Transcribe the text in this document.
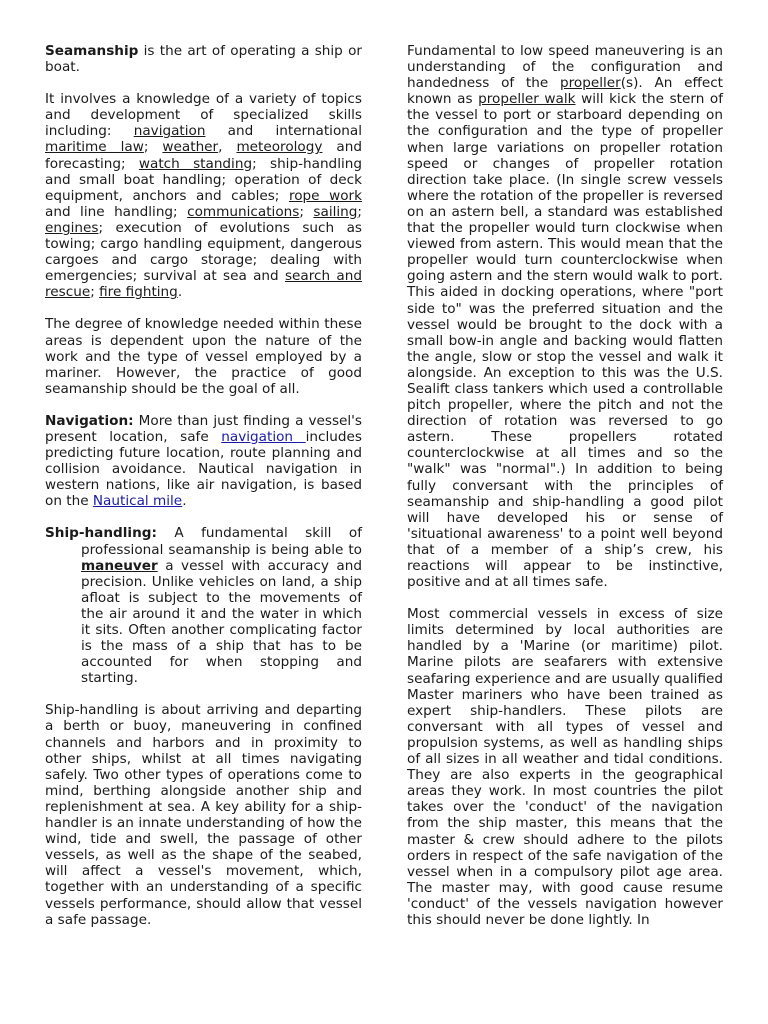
Seamanship is the art of operating a ship or boat.

It involves a knowledge of a variety of topics and development of specialized skills including: navigation and international maritime law; weather, meteorology and forecasting; watch standing; ship-handling and small boat handling; operation of deck equipment, anchors and cables; rope work and line handling; communications; sailing; engines; execution of evolutions such as towing; cargo handling equipment, dangerous cargoes and cargo storage; dealing with emergencies; survival at sea and search and rescue; fire fighting.

The degree of knowledge needed within these areas is dependent upon the nature of the work and the type of vessel employed by a mariner. However, the practice of good seamanship should be the goal of all.

Navigation: More than just finding a vessel's present location, safe navigation includes predicting future location, route planning and collision avoidance. Nautical navigation in western nations, like air navigation, is based on the Nautical mile.

Ship-handling: A fundamental skill of professional seamanship is being able to maneuver a vessel with accuracy and precision. Unlike vehicles on land, a ship afloat is subject to the movements of the air around it and the water in which it sits. Often another complicating factor is the mass of a ship that has to be accounted for when stopping and starting.

Ship-handling is about arriving and departing a berth or buoy, maneuvering in confined channels and harbors and in proximity to other ships, whilst at all times navigating safely. Two other types of operations come to mind, berthing alongside another ship and replenishment at sea. A key ability for a ship-handler is an innate understanding of how the wind, tide and swell, the passage of other vessels, as well as the shape of the seabed, will affect a vessel's movement, which, together with an understanding of a specific vessels performance, should allow that vessel a safe passage.

Fundamental to low speed maneuvering is an understanding of the configuration and handedness of the propeller(s). An effect known as propeller walk will kick the stern of the vessel to port or starboard depending on the configuration and the type of propeller when large variations on propeller rotation speed or changes of propeller rotation direction take place. (In single screw vessels where the rotation of the propeller is reversed on an astern bell, a standard was established that the propeller would turn clockwise when viewed from astern. This would mean that the propeller would turn counterclockwise when going astern and the stern would walk to port. This aided in docking operations, where "port side to" was the preferred situation and the vessel would be brought to the dock with a small bow-in angle and backing would flatten the angle, slow or stop the vessel and walk it alongside. An exception to this was the U.S. Sealift class tankers which used a controllable pitch propeller, where the pitch and not the direction of rotation was reversed to go astern. These propellers rotated counterclockwise at all times and so the "walk" was "normal".) In addition to being fully conversant with the principles of seamanship and ship-handling a good pilot will have developed his or sense of 'situational awareness' to a point well beyond that of a member of a ship’s crew, his reactions will appear to be instinctive, positive and at all times safe.

Most commercial vessels in excess of size limits determined by local authorities are handled by a 'Marine (or maritime) pilot. Marine pilots are seafarers with extensive seafaring experience and are usually qualified Master mariners who have been trained as expert ship-handlers. These pilots are conversant with all types of vessel and propulsion systems, as well as handling ships of all sizes in all weather and tidal conditions. They are also experts in the geographical areas they work. In most countries the pilot takes over the 'conduct' of the navigation from the ship master, this means that the master & crew should adhere to the pilots orders in respect of the safe navigation of the vessel when in a compulsory pilot age area. The master may, with good cause resume 'conduct' of the vessels navigation however this should never be done lightly. In
